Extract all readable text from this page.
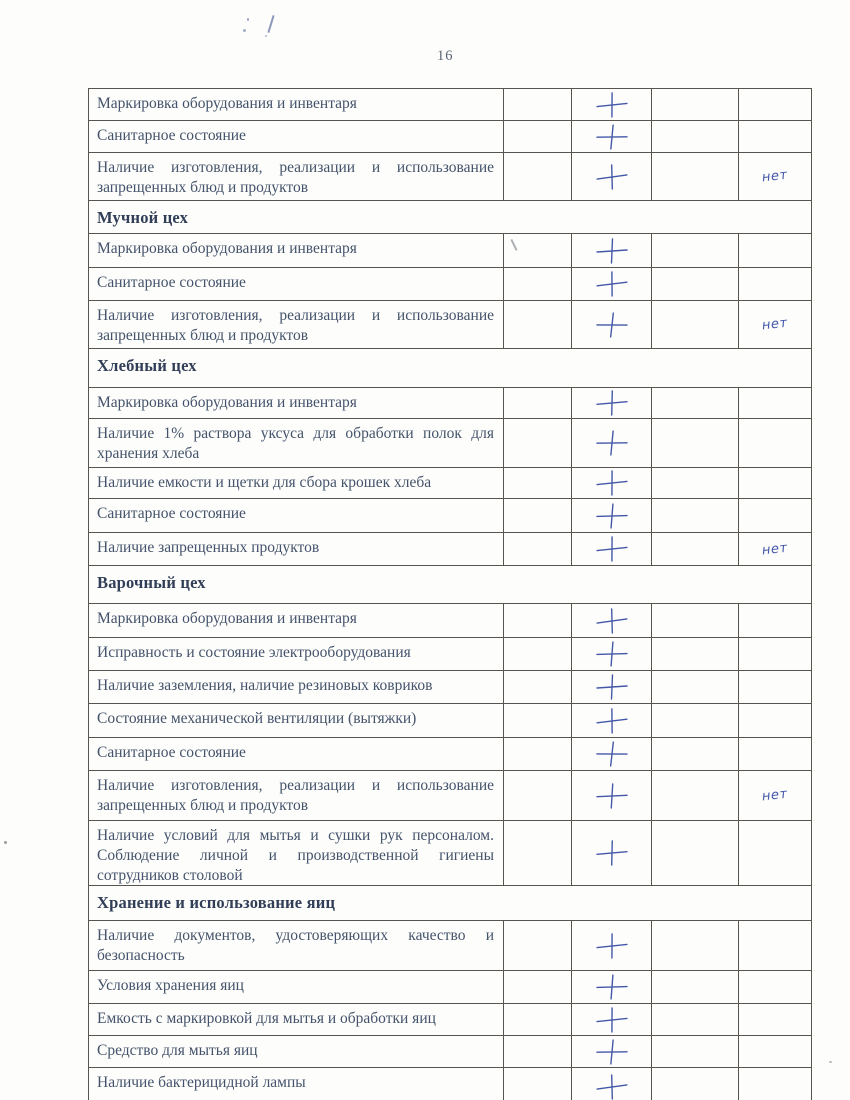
16
Маркировка оборудования и инвентаря
Санитарное состояние
Наличие изготовления, реализации и использование запрещенных блюд и продуктов
нет
Мучной цех
Маркировка оборудования и инвентаря
Санитарное состояние
Наличие изготовления, реализации и использование запрещенных блюд и продуктов
нет
Хлебный цех
Маркировка оборудования и инвентаря
Наличие 1% раствора уксуса для обработки полок для хранения хлеба
Наличие емкости и щетки для сбора крошек хлеба
Санитарное состояние
Наличие запрещенных продуктов	нет
Варочный цех
Маркировка оборудования и инвентаря
Исправность и состояние электрооборудования
Наличие заземления, наличие резиновых ковриков
Состояние механической вентиляции (вытяжки)
Санитарное состояние
Наличие изготовления, реализации и использование запрещенных блюд и продуктов
нет
Наличие условий для мытья и сушки рук персоналом. Соблюдение личной и производственной гигиены сотрудников столовой
Хранение и использование яиц
Наличие документов, удостоверяющих качество и безопасность
Условия хранения яиц
Емкость с маркировкой для мытья и обработки яиц
Средство для мытья яиц
Наличие бактерицидной лампы
